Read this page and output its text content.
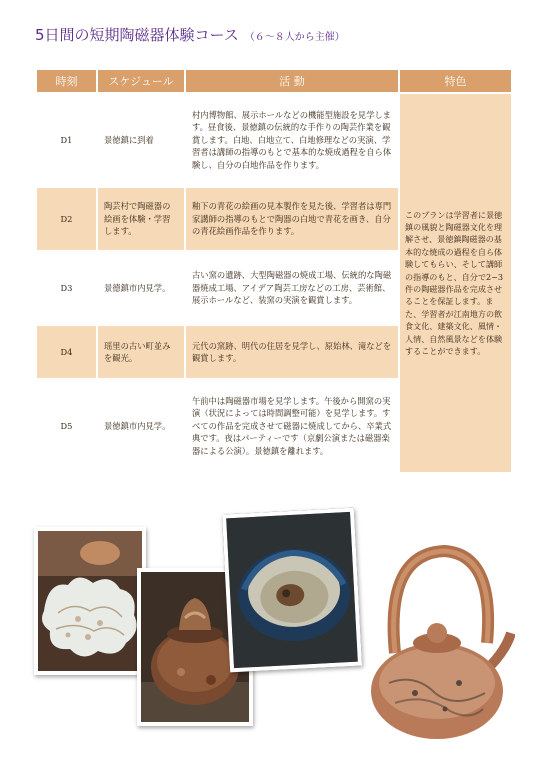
5日間の短期陶磁器体験コース （６～８人から主催）
時刻	スケジュール	活 動	特色
D1	景徳鎮に到着	村内博物館、展示ホールなどの機能型施設を見学します。昼食後、景徳鎮の伝統的な手作りの陶芸作業を観賞します。白地、白地立て、白地修理などの実演、学習者は講師の指導のもとで基本的な焼成過程を自ら体験し、自分の白地作品を作ります。	このプランは学習者に景徳鎮の風貌と陶磁器文化を理解させ、景徳鎮陶磁器の基本的な焼成の過程を自ら体験してもらい、そして講師の指導のもと、自分で2~3件の陶磁器作品を完成させることを保証します。また、学習者が江南地方の飲食文化、建築文化、風情・人情、自然風景などを体験することができます。
D2	陶芸村で陶磁器の絵画を体験・学習します。	釉下の青花の絵画の見本製作を見た後、学習者は専門家講師の指導のもとで陶器の白地で青花を画き、自分の青花絵画作品を作ります。	
D3	景德鎮市内見学。	古い窯の遺跡、大型陶磁器の焼成工場、伝統的な陶磁器焼成工場、アイデア陶芸工房などの工房、芸術館、展示ホールなど、装窯の実演を観賞します。	
D4	瑶里の古い町並みを観光。	元代の窯跡、明代の住居を見学し、原始林、滝などを観賞します。	
D5	景徳鎮市内見学。	午前中は陶磁器市場を見学します。午後から開窯の実演（状況によっては時間調整可能）を見学します。すべての作品を完成させて磁器に焼成してから、卒業式典です。夜はパーティーです（京劇公演または磁器楽器による公演）。景徳鎮を離れます。	
